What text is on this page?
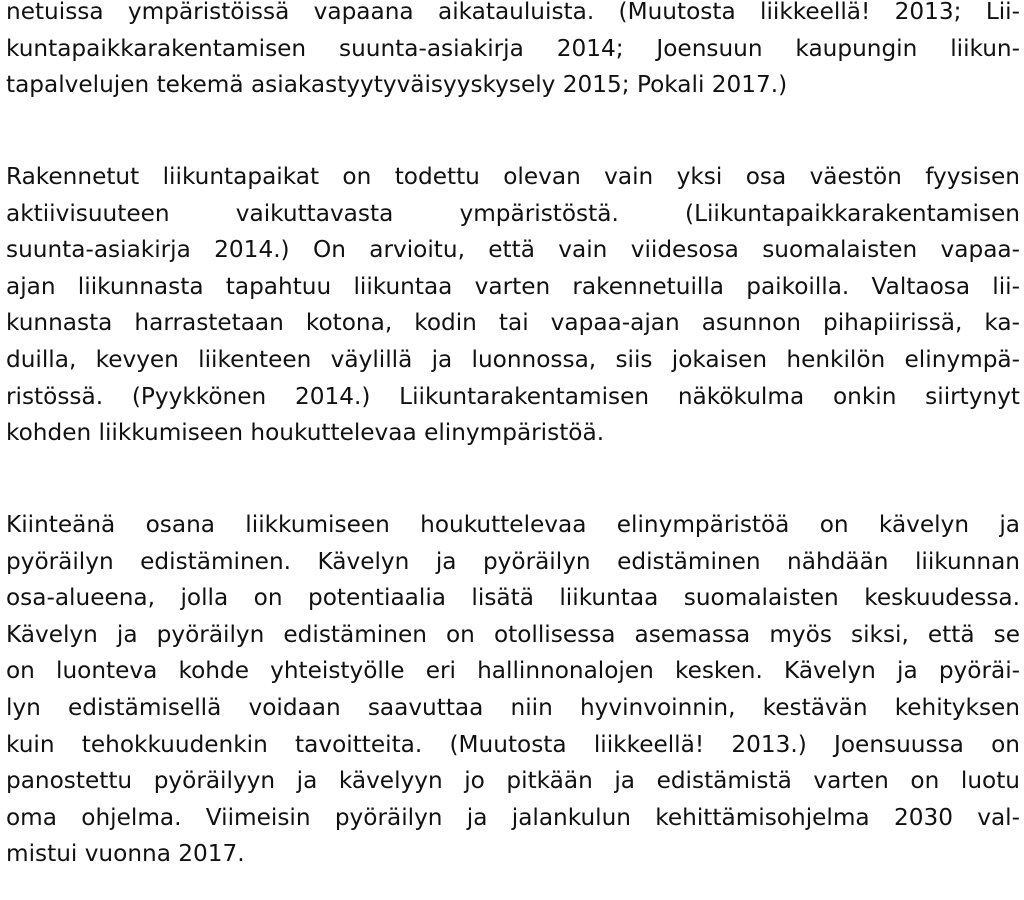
netuissa ympäristöissä vapaana aikatauluista. (Muutosta liikkeellä! 2013; Lii-
kuntapaikkarakentamisen suunta-asiakirja 2014; Joensuun kaupungin liikun-
tapalvelujen tekemä asiakastyytyväisyyskysely 2015; Pokali 2017.)
Rakennetut liikuntapaikat on todettu olevan vain yksi osa väestön fyysisen
aktiivisuuteen vaikuttavasta ympäristöstä. (Liikuntapaikkarakentamisen
suunta-asiakirja 2014.) On arvioitu, että vain viidesosa suomalaisten vapaa-
ajan liikunnasta tapahtuu liikuntaa varten rakennetuilla paikoilla. Valtaosa lii-
kunnasta harrastetaan kotona, kodin tai vapaa-ajan asunnon pihapiirissä, ka-
duilla, kevyen liikenteen väylillä ja luonnossa, siis jokaisen henkilön elinympä-
ristössä. (Pyykkönen 2014.) Liikuntarakentamisen näkökulma onkin siirtynyt
kohden liikkumiseen houkuttelevaa elinympäristöä.
Kiinteänä osana liikkumiseen houkuttelevaa elinympäristöä on kävelyn ja
pyöräilyn edistäminen. Kävelyn ja pyöräilyn edistäminen nähdään liikunnan
osa-alueena, jolla on potentiaalia lisätä liikuntaa suomalaisten keskuudessa.
Kävelyn ja pyöräilyn edistäminen on otollisessa asemassa myös siksi, että se
on luonteva kohde yhteistyölle eri hallinnonalojen kesken. Kävelyn ja pyöräi-
lyn edistämisellä voidaan saavuttaa niin hyvinvoinnin, kestävän kehityksen
kuin tehokkuudenkin tavoitteita. (Muutosta liikkeellä! 2013.) Joensuussa on
panostettu pyöräilyyn ja kävelyyn jo pitkään ja edistämistä varten on luotu
oma ohjelma. Viimeisin pyöräilyn ja jalankulun kehittämisohjelma 2030 val-
mistui vuonna 2017.
